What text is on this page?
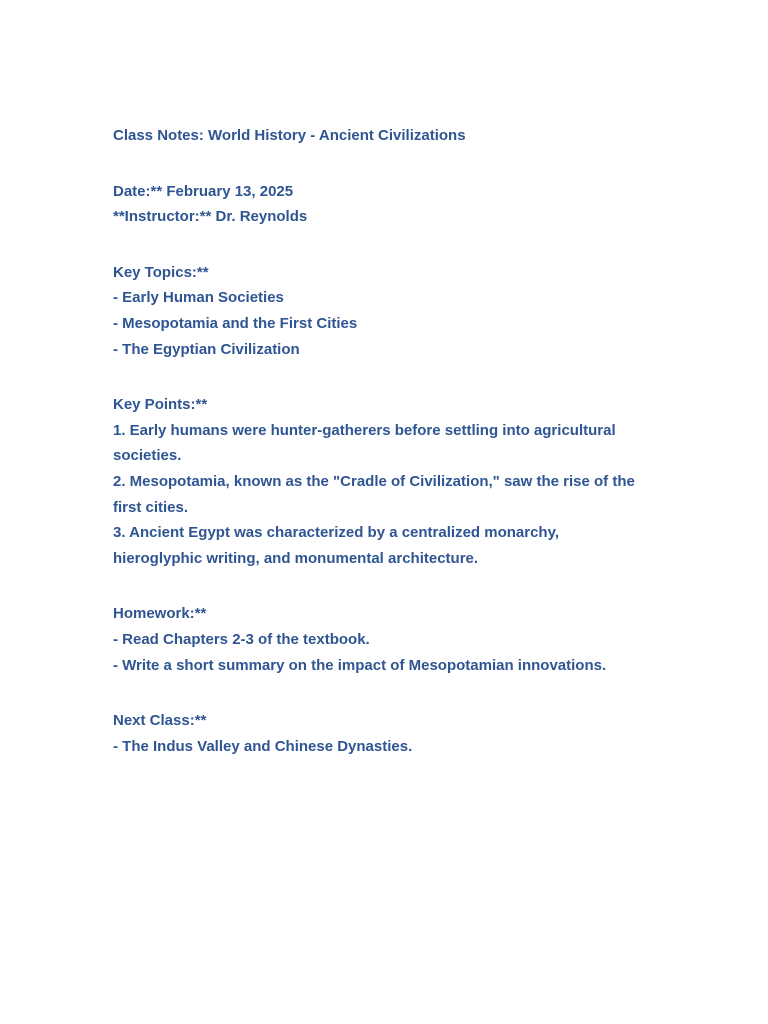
Class Notes: World History - Ancient Civilizations
Date:** February 13, 2025
**Instructor:** Dr. Reynolds
Key Topics:**
- Early Human Societies
- Mesopotamia and the First Cities
- The Egyptian Civilization
Key Points:**
1. Early humans were hunter-gatherers before settling into agricultural
societies.
2. Mesopotamia, known as the "Cradle of Civilization," saw the rise of the
first cities.
3. Ancient Egypt was characterized by a centralized monarchy,
hieroglyphic writing, and monumental architecture.
Homework:**
- Read Chapters 2-3 of the textbook.
- Write a short summary on the impact of Mesopotamian innovations.
Next Class:**
- The Indus Valley and Chinese Dynasties.
